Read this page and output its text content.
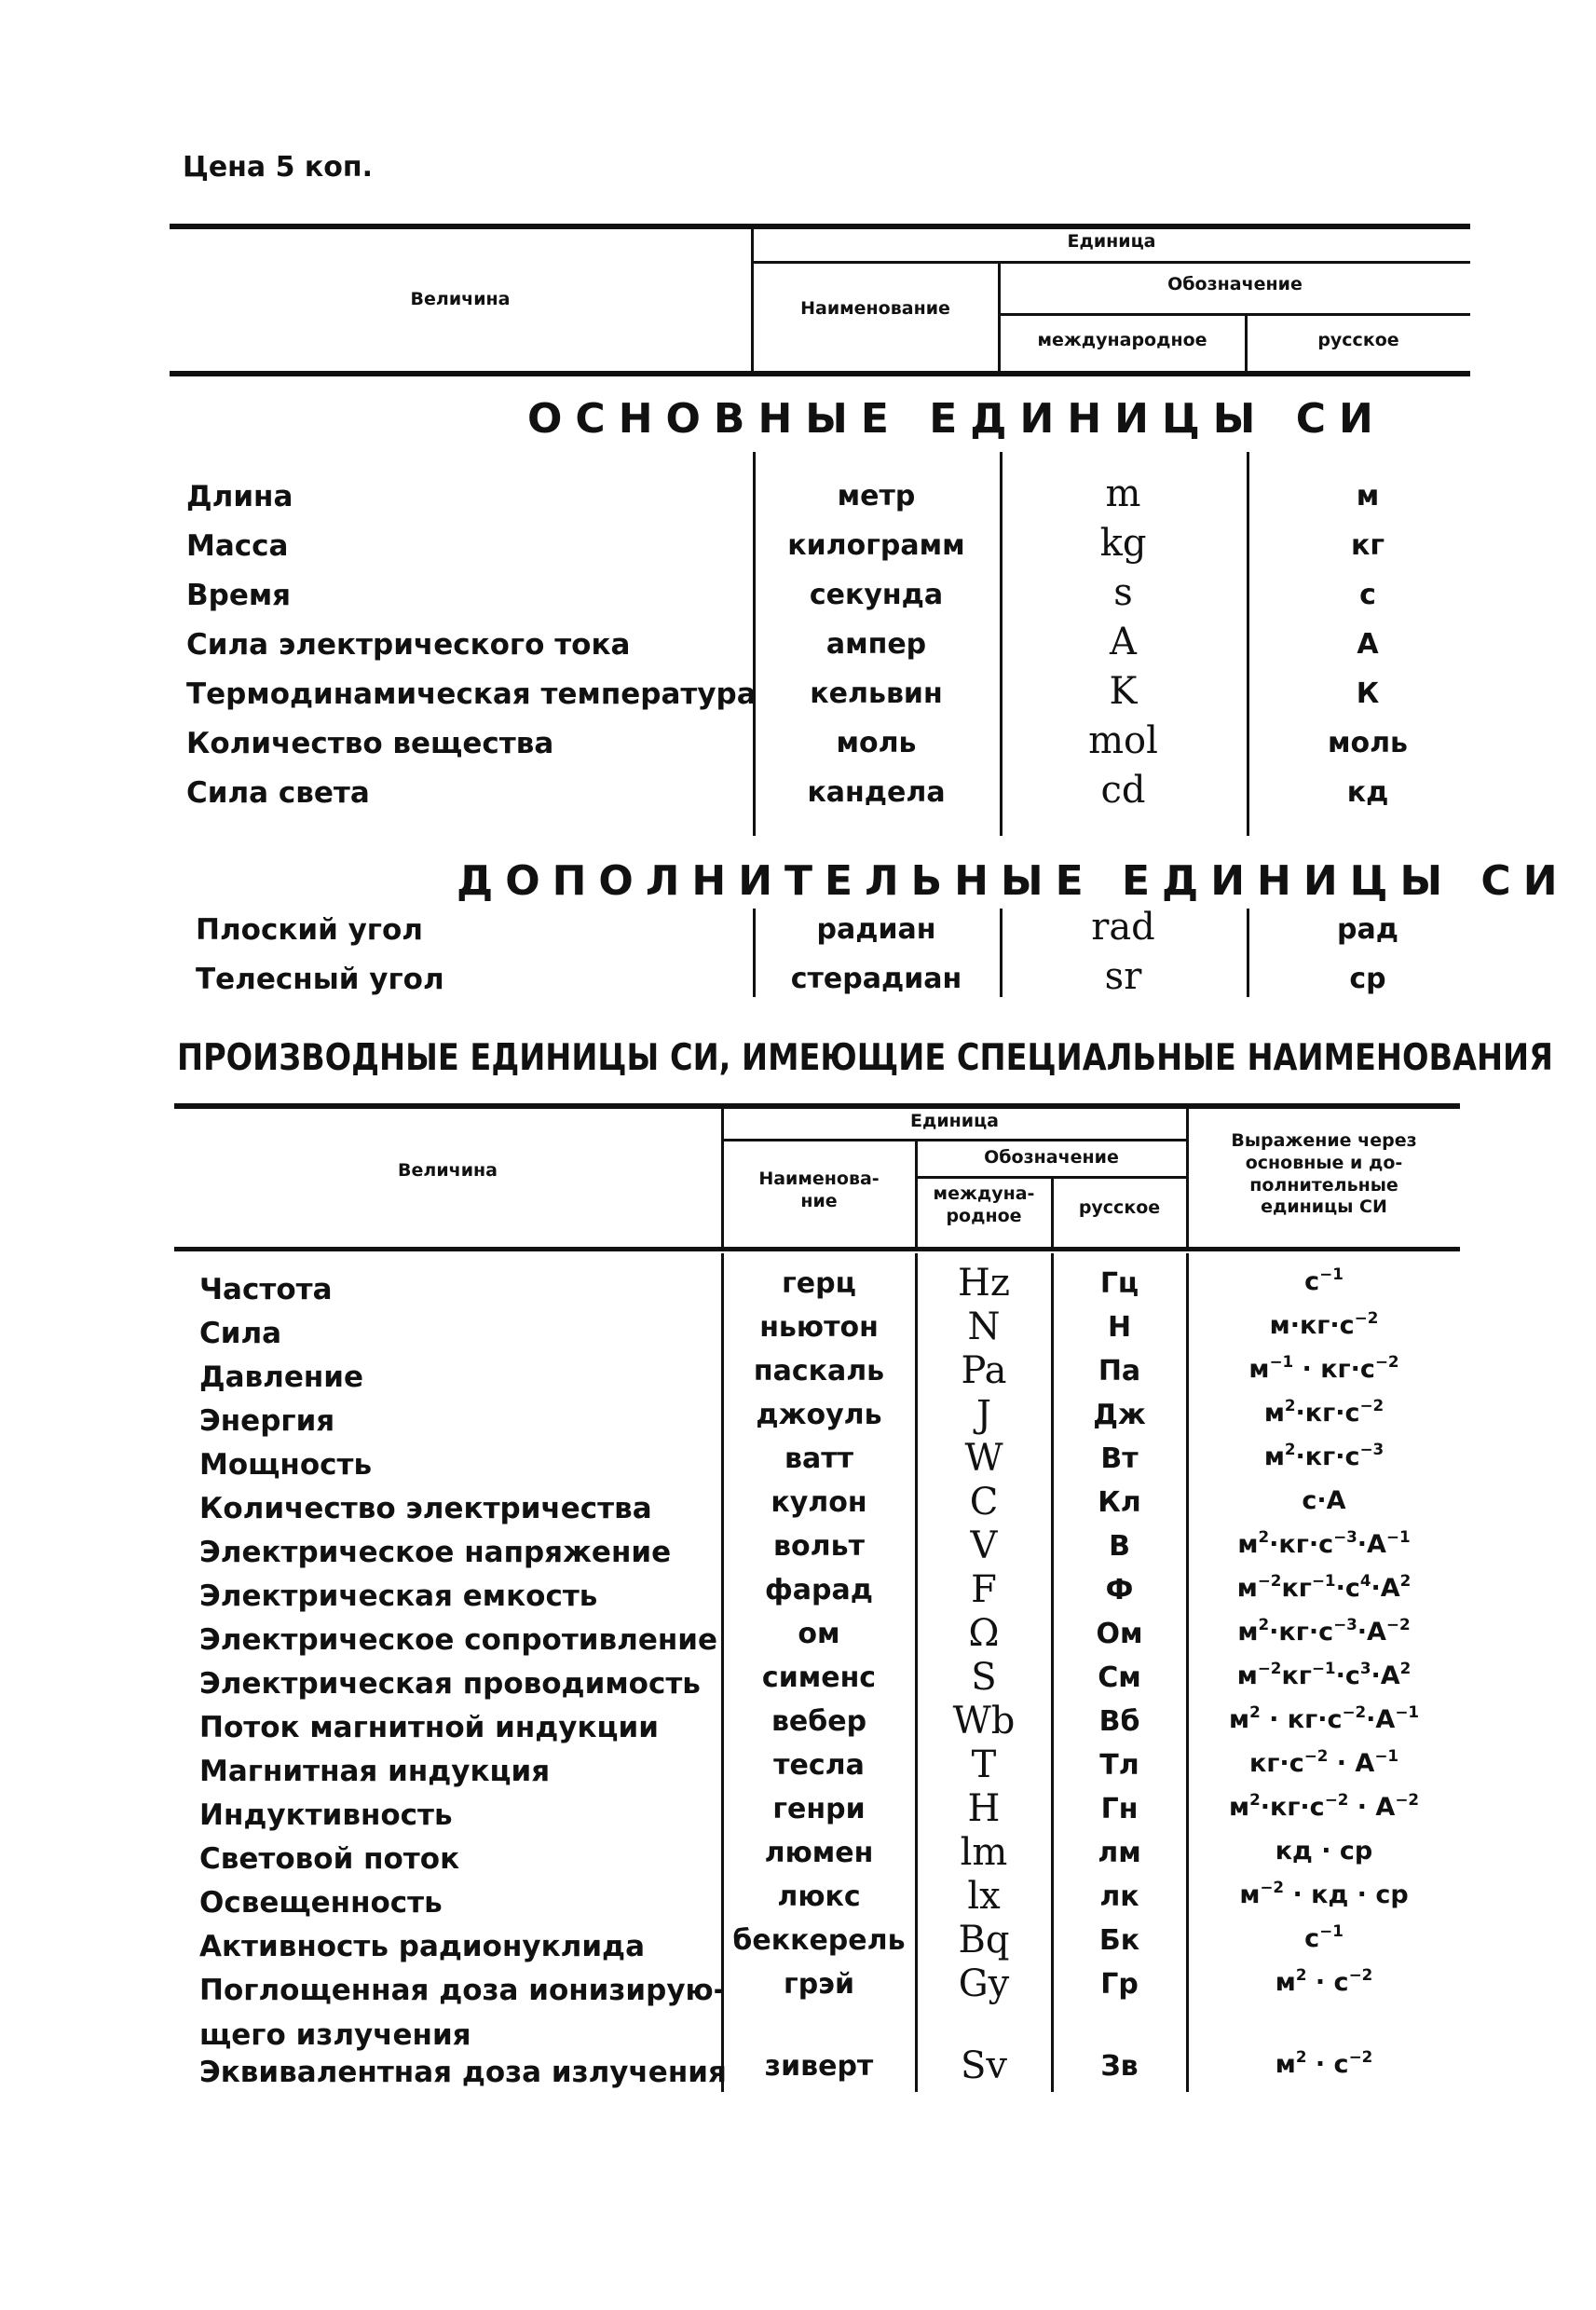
Цена 5 коп.
Величина
Единица
Наименование
Обозначение
международное	русское
ОСНОВНЫЕ ЕДИНИЦЫ СИ
Длина	метр	m	м
Масса	килограмм	kg	кг
Время	секунда	s	с
Сила электрического тока	ампер	A	А
Термодинамическая температура	кельвин	K	К
Количество вещества	моль	mol	моль
Сила света	кандела	cd	кд
ДОПОЛНИТЕЛЬНЫЕ ЕДИНИЦЫ СИ
Плоский угол	радиан	rad	рад
Телесный угол	стерадиан	sr	ср
ПРОИЗВОДНЫЕ ЕДИНИЦЫ СИ, ИМЕЮЩИЕ СПЕЦИАЛЬНЫЕ НАИМЕНОВАНИЯ
Величина
Единица
Наименова-
ние
Обозначение
междуна-
родное	русское
Выражение через
основные и до-
полнительные
единицы СИ
Частота	герц	Hz	Гц	$с^{-1}$
Сила	ньютон	N	Н	$м\cdot кг\cdot с^{-2}$
Давление	паскаль	Pa	Па	$м^{-1} \cdot кг\cdot с^{-2}$
Энергия	джоуль	J	Дж	$м^2\cdot кг\cdot с^{-2}$
Мощность	ватт	W	Вт	$м^2\cdot кг\cdot с^{-3}$
Количество электричества	кулон	C	Кл	с·А
Электрическое напряжение	вольт	V	В	$м^2\cdot кг\cdot с^{-3}\cdot А^{-1}$
Электрическая емкость	фарад	F	Ф	$м^{-2}кг^{-1}\cdot с^4\cdot А^2$
Электрическое сопротивление	ом	Ω	Ом	$м^2\cdot кг\cdot с^{-3}\cdot А^{-2}$
Электрическая проводимость	сименс	S	См	$м^{-2}кг^{-1}\cdot с^3\cdot А^2$
Поток магнитной индукции	вебер	Wb	Вб	$м^2 \cdot кг\cdot с^{-2}\cdot А^{-1}$
Магнитная индукция	тесла	T	Тл	$кг\cdot с^{-2} \cdot А^{-1}$
Индуктивность	генри	H	Гн	$м^2\cdot кг\cdot с^{-2} \cdot А^{-2}$
Световой поток	люмен	lm	лм	кд · ср
Освещенность	люкс	lx	лк	$м^{-2}$ · кд · ср
Активность радионуклида	беккерель	Bq	Бк	$с^{-1}$
Поглощенная доза ионизирую-
щего излучения
грэй	Gy	Гр	$м^2 \cdot с^{-2}$
Эквивалентная доза излучения	зиверт	Sv	Зв	$м^2 \cdot с^{-2}$
